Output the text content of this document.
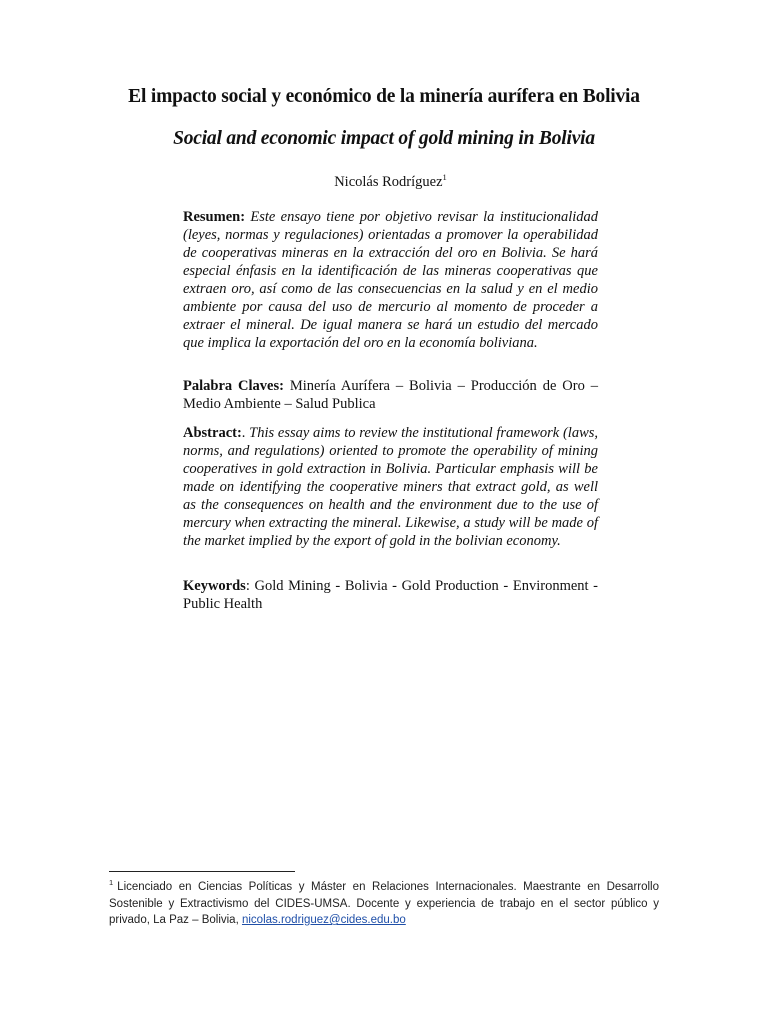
El impacto social y económico de la minería aurífera en Bolivia
Social and economic impact of gold mining in Bolivia
Nicolás Rodríguez$^1$
Resumen: Este ensayo tiene por objetivo revisar la institucionalidad (leyes, normas y regulaciones) orientadas a promover la operabilidad de cooperativas mineras en la extracción del oro en Bolivia. Se hará especial énfasis en la identificación de las mineras cooperativas que extraen oro, así como de las consecuencias en la salud y en el medio ambiente por causa del uso de mercurio al momento de proceder a extraer el mineral. De igual manera se hará un estudio del mercado que implica la exportación del oro en la economía boliviana.
Palabra Claves: Minería Aurífera – Bolivia – Producción de Oro – Medio Ambiente – Salud Publica
Abstract:. This essay aims to review the institutional framework (laws, norms, and regulations) oriented to promote the operability of mining cooperatives in gold extraction in Bolivia. Particular emphasis will be made on identifying the cooperative miners that extract gold, as well as the consequences on health and the environment due to the use of mercury when extracting the mineral. Likewise, a study will be made of the market implied by the export of gold in the bolivian economy.
Keywords: Gold Mining - Bolivia - Gold Production - Environment - Public Health
$^1$ Licenciado en Ciencias Políticas y Máster en Relaciones Internacionales. Maestrante en Desarrollo Sostenible y Extractivismo del CIDES-UMSA. Docente y experiencia de trabajo en el sector público y privado, La Paz – Bolivia, nicolas.rodriguez@cides.edu.bo
